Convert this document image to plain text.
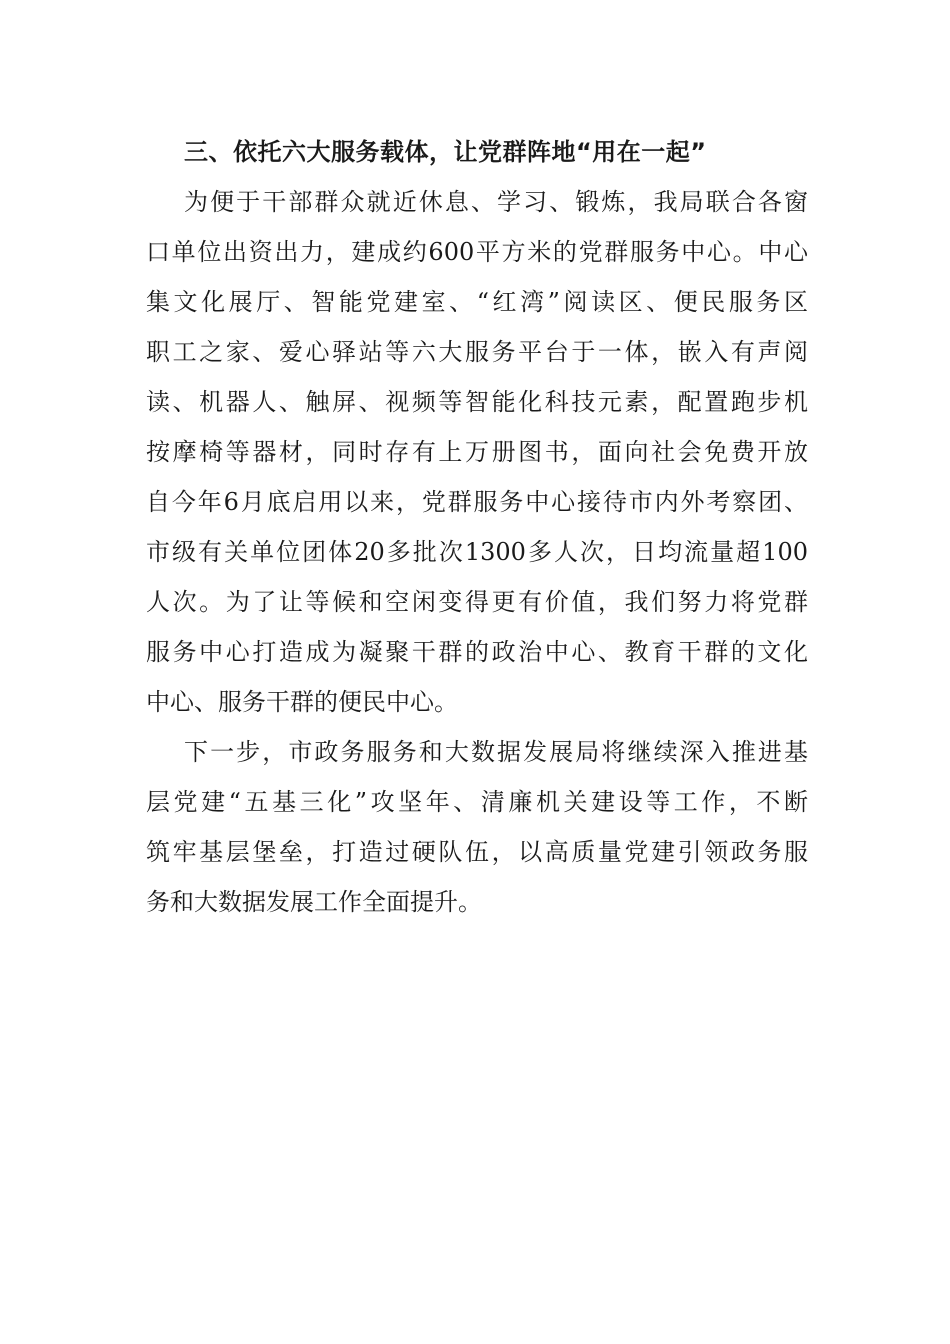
三、依托六大服务载体，让党群阵地“用在一起”
为便于干部群众就近休息、学习、锻炼，我局联合各窗
口单位出资出力，建成约600平方米的党群服务中心。中心
集文化展厅、智能党建室、“红湾”阅读区、便民服务区
职工之家、爱心驿站等六大服务平台于一体，嵌入有声阅
读、机器人、触屏、视频等智能化科技元素，配置跑步机
按摩椅等器材，同时存有上万册图书，面向社会免费开放
自今年6月底启用以来，党群服务中心接待市内外考察团、
市级有关单位团体20多批次1300多人次，日均流量超100
人次。为了让等候和空闲变得更有价值，我们努力将党群
服务中心打造成为凝聚干群的政治中心、教育干群的文化
中心、服务干群的便民中心。
下一步，市政务服务和大数据发展局将继续深入推进基
层党建“五基三化”攻坚年、清廉机关建设等工作，不断
筑牢基层堡垒，打造过硬队伍，以高质量党建引领政务服
务和大数据发展工作全面提升。
